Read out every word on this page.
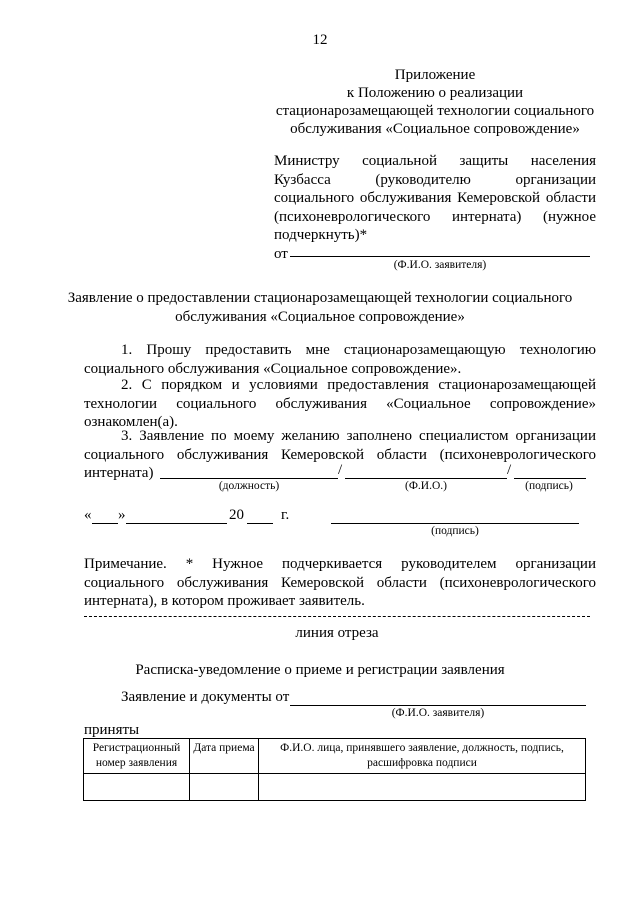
12
Приложение
к Положению о реализации
стационарозамещающей технологии социального
обслуживания «Социальное сопровождение»
Министру социальной защиты населения
Кузбасса (руководителю организации
социального обслуживания Кемеровской области
(психоневрологического интерната) (нужное
подчеркнуть)*
от
(Ф.И.О. заявителя)
Заявление о предоставлении стационарозамещающей технологии социального
обслуживания «Социальное сопровождение»
1. Прошу предоставить мне стационарозамещающую технологию
социального обслуживания «Социальное сопровождение».
2. С порядком и условиями предоставления стационарозамещающей
технологии социального обслуживания «Социальное сопровождение»
ознакомлен(а).
3. Заявление по моему желанию заполнено специалистом организации
социального обслуживания Кемеровской области (психоневрологического
интерната)	/	/
(должность)	(Ф.И.О.)	(подпись)
« »	20 г.
(подпись)
Примечание. * Нужное подчеркивается руководителем организации
социального обслуживания Кемеровской области (психоневрологического
интерната), в котором проживает заявитель.
линия отреза
Расписка-уведомление о приеме и регистрации заявления
Заявление и документы от
(Ф.И.О. заявителя)
приняты
Регистрационный номер заявления	Дата приема	Ф.И.О. лица, принявшего заявление, должность, подпись, расшифровка подписи
